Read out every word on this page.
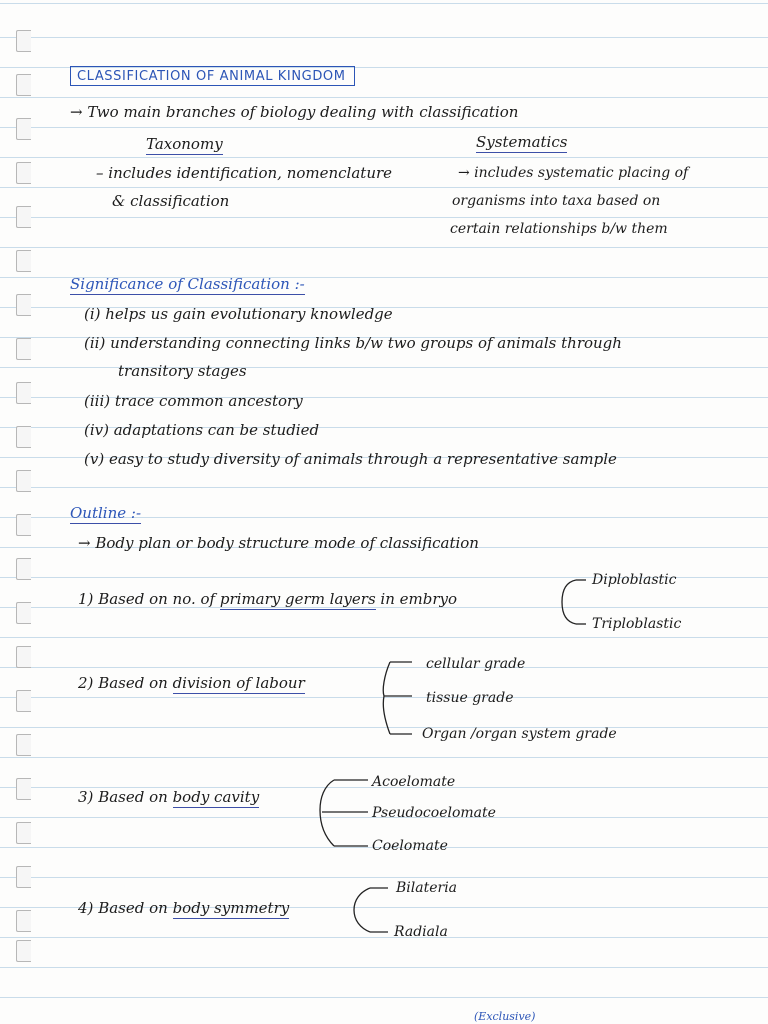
CLASSIFICATION OF ANIMAL KINGDOM
→ Two main branches of biology dealing with classification
Taxonomy
– includes identification, nomenclature
& classification
Systematics
→ includes systematic placing of
organisms into taxa based on
certain relationships b/w them
Significance of Classification :-
(i) helps us gain evolutionary knowledge
(ii) understanding connecting links b/w two groups of animals through
transitory stages
(iii) trace common ancestory
(iv) adaptations can be studied
(v) easy to study diversity of animals through a representative sample
Outline :-
→ Body plan or body structure mode of classification
1) Based on no. of primary germ layers in embryo
Diploblastic
Triploblastic
2) Based on division of labour
cellular grade
tissue grade
Organ /organ system grade
3) Based on body cavity
Acoelomate
Pseudocoelomate
Coelomate
4) Based on body symmetry
Bilateria
Radiala
(Exclusive)
